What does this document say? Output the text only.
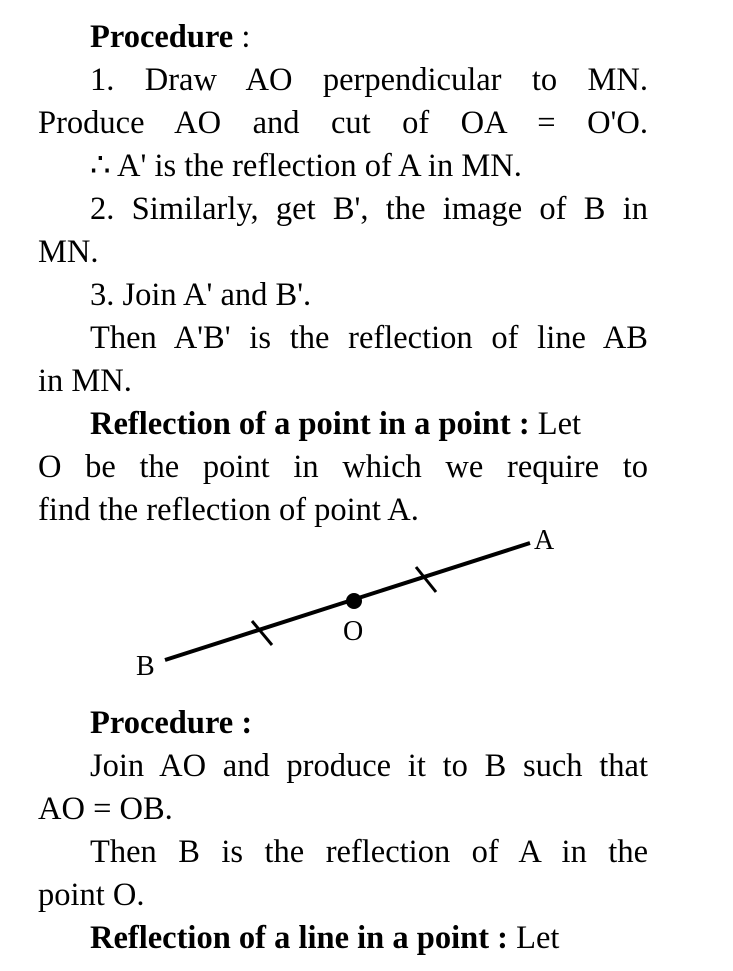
Procedure :
1. Draw AO perpendicular to MN.
Produce AO and cut of OA = O'O.
∴ A' is the reflection of A in MN.
2. Similarly, get B', the image of B in
MN.
3. Join A' and B'.
Then A'B' is the reflection of line AB
in MN.
Reflection of a point in a point : Let
O be the point in which we require to
find the reflection of point A.
A
O
B
Procedure :
Join AO and produce it to B such that
AO = OB.
Then B is the reflection of A in the
point O.
Reflection of a line in a point : Let
